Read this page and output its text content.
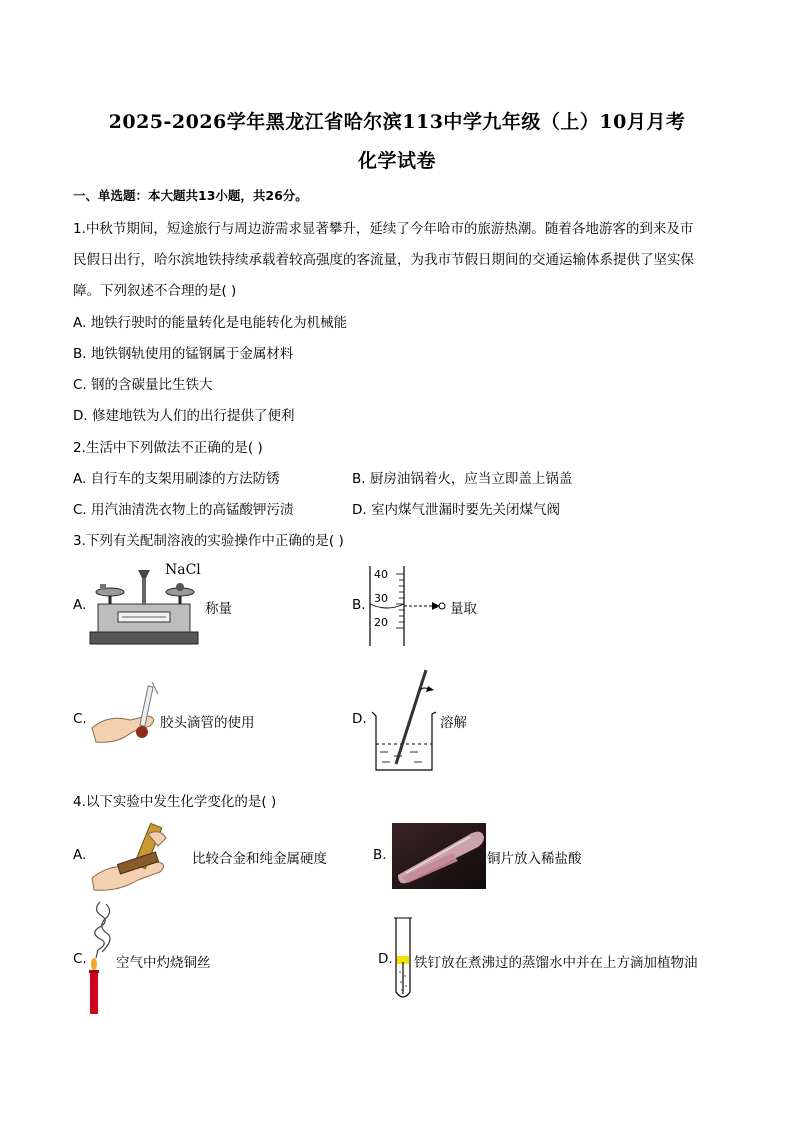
2025-2026学年黑龙江省哈尔滨113中学九年级（上）10月月考
化学试卷
一、单选题：本大题共13小题，共26分。
1.中秋节期间，短途旅行与周边游需求显著攀升，延续了今年哈市的旅游热潮。随着各地游客的到来及市
民假日出行，哈尔滨地铁持续承载着较高强度的客流量，为我市节假日期间的交通运输体系提供了坚实保
障。下列叙述不合理的是( )
A. 地铁行驶时的能量转化是电能转化为机械能
B. 地铁钢轨使用的锰钢属于金属材料
C. 钢的含碳量比生铁大
D. 修建地铁为人们的出行提供了便利
2.生活中下列做法不正确的是( )
A. 自行车的支架用刷漆的方法防锈	B. 厨房油锅着火，应当立即盖上锅盖
C. 用汽油清洗衣物上的高锰酸钾污渍	D. 室内煤气泄漏时要先关闭煤气阀
3.下列有关配制溶液的实验操作中正确的是( )
A.
NaCl
称量	B.
40
30
20
量取
C.	胶头滴管的使用	D.	溶解
4.以下实验中发生化学变化的是( )
A.	比较合金和纯金属硬度	B.	铜片放入稀盐酸
C. 空气中灼烧铜丝	D. 铁钉放在煮沸过的蒸馏水中并在上方滴加植物油
